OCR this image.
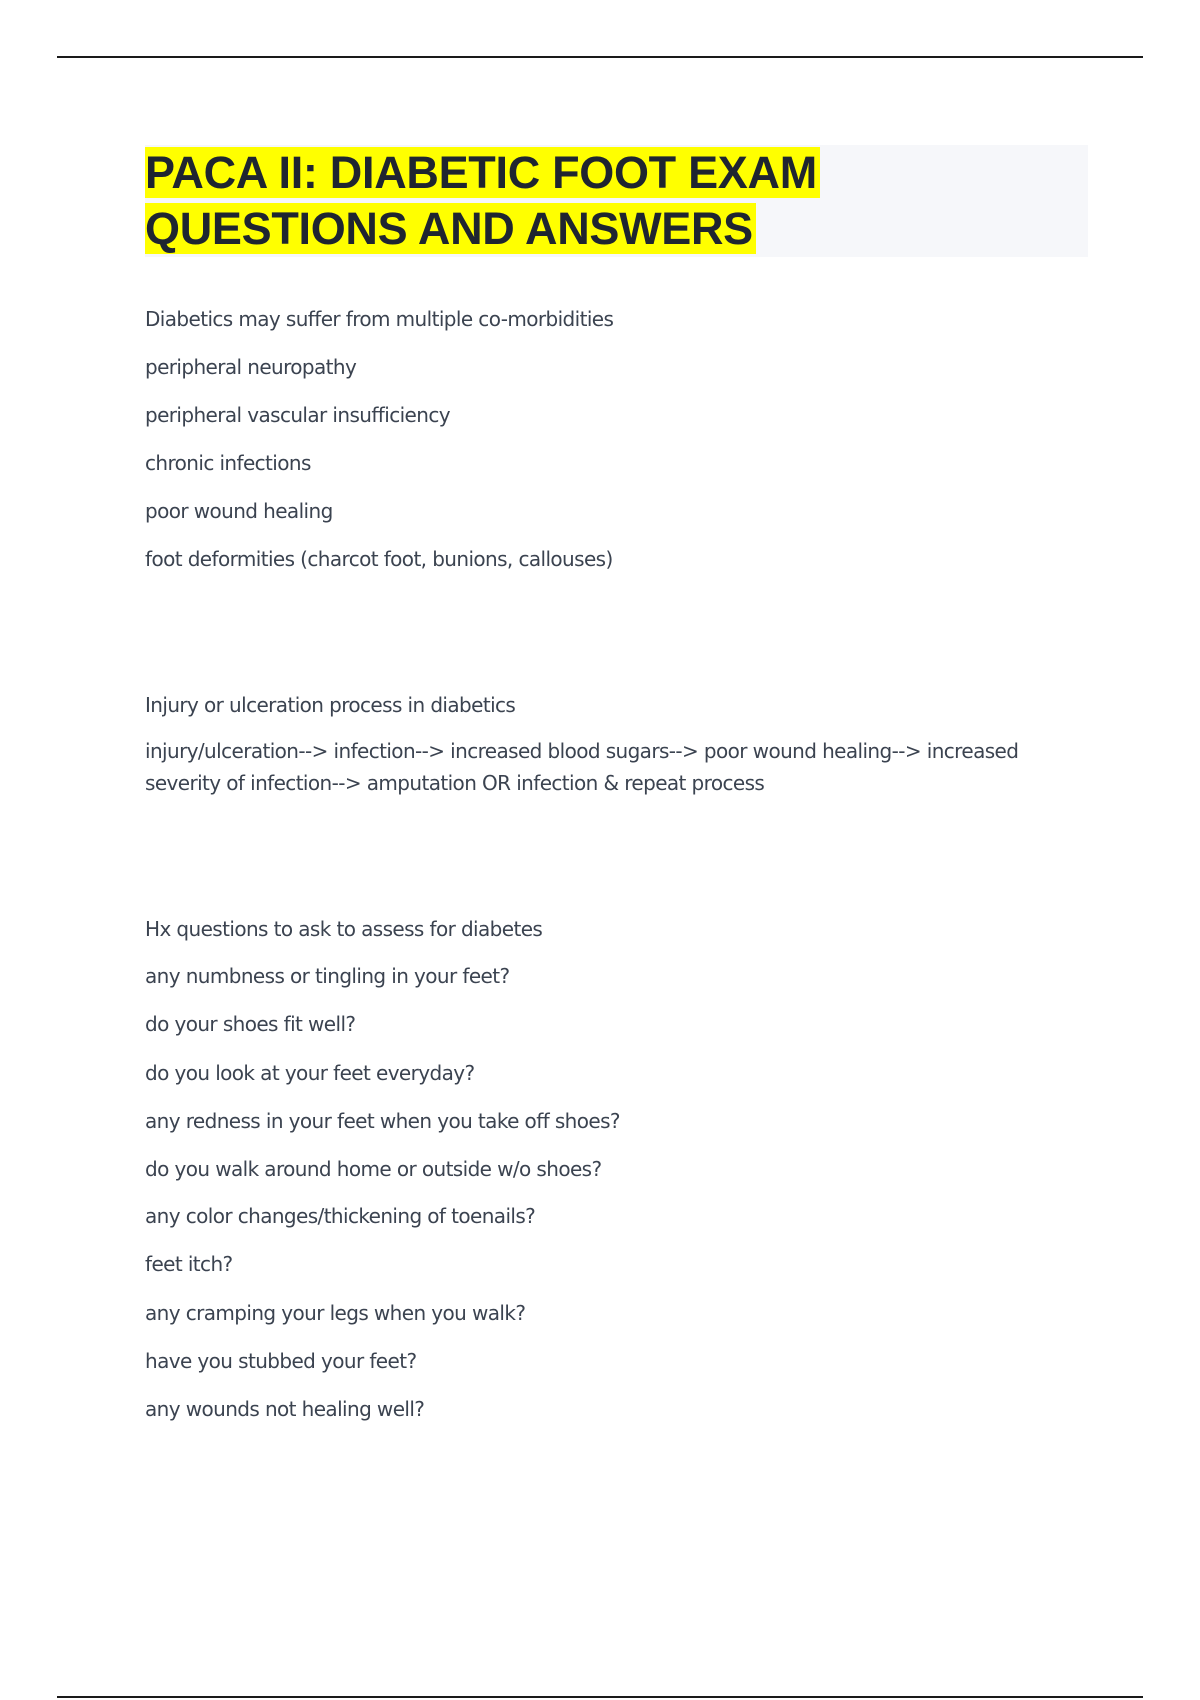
PACA II: DIABETIC FOOT EXAM QUESTIONS AND ANSWERS

Diabetics may suffer from multiple co-morbidities

peripheral neuropathy

peripheral vascular insufficiency

chronic infections

poor wound healing

foot deformities (charcot foot, bunions, callouses)

Injury or ulceration process in diabetics

injury/ulceration--> infection--> increased blood sugars--> poor wound healing--> increased severity of infection--> amputation OR infection & repeat process

Hx questions to ask to assess for diabetes

any numbness or tingling in your feet?

do your shoes fit well?

do you look at your feet everyday?

any redness in your feet when you take off shoes?

do you walk around home or outside w/o shoes?

any color changes/thickening of toenails?

feet itch?

any cramping your legs when you walk?

have you stubbed your feet?

any wounds not healing well?
